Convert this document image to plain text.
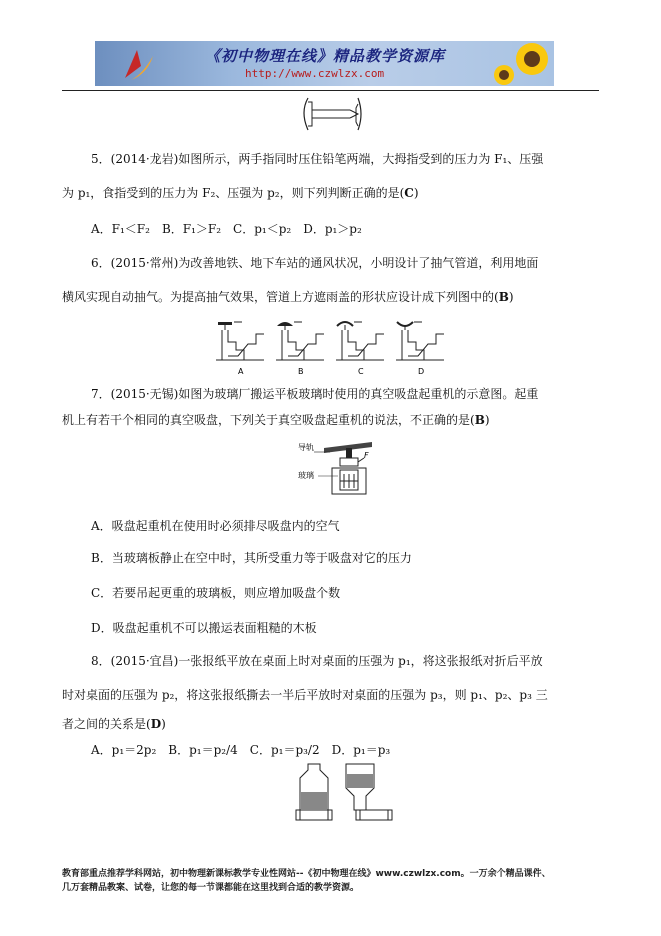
《初中物理在线》精品教学资源库
http://www.czwlzx.com
5．(2014·龙岩)如图所示，两手指同时压住铅笔两端，大拇指受到的压力为 F₁、压强
为 p₁，食指受到的压力为 F₂、压强为 p₂，则下列判断正确的是(C)
A．F₁＜F₂　B．F₁＞F₂　C．p₁＜p₂　D．p₁＞p₂
6．(2015·常州)为改善地铁、地下车站的通风状况，小明设计了抽气管道，利用地面
横风实现自动抽气。为提高抽气效果，管道上方遮雨盖的形状应设计成下列图中的(B)
A	B	C	D
7．(2015·无锡)如图为玻璃厂搬运平板玻璃时使用的真空吸盘起重机的示意图。起重
机上有若干个相同的真空吸盘，下列关于真空吸盘起重机的说法，不正确的是(B)
导轨
玻璃
F
A．吸盘起重机在使用时必须排尽吸盘内的空气
B．当玻璃板静止在空中时，其所受重力等于吸盘对它的压力
C．若要吊起更重的玻璃板，则应增加吸盘个数
D．吸盘起重机不可以搬运表面粗糙的木板
8．(2015·宜昌)一张报纸平放在桌面上时对桌面的压强为 p₁，将这张报纸对折后平放
时对桌面的压强为 p₂，将这张报纸撕去一半后平放时对桌面的压强为 p₃，则 p₁、p₂、p₃ 三
者之间的关系是(D)
A．p₁＝2p₂　B．p₁＝p₂/4　C．p₁＝p₃/2　D．p₁＝p₃
教育部重点推荐学科网站，初中物理新课标教学专业性网站--《初中物理在线》www.czwlzx.com。一万余个精品课件、
几万套精品教案、试卷，让您的每一节课都能在这里找到合适的教学资源。
